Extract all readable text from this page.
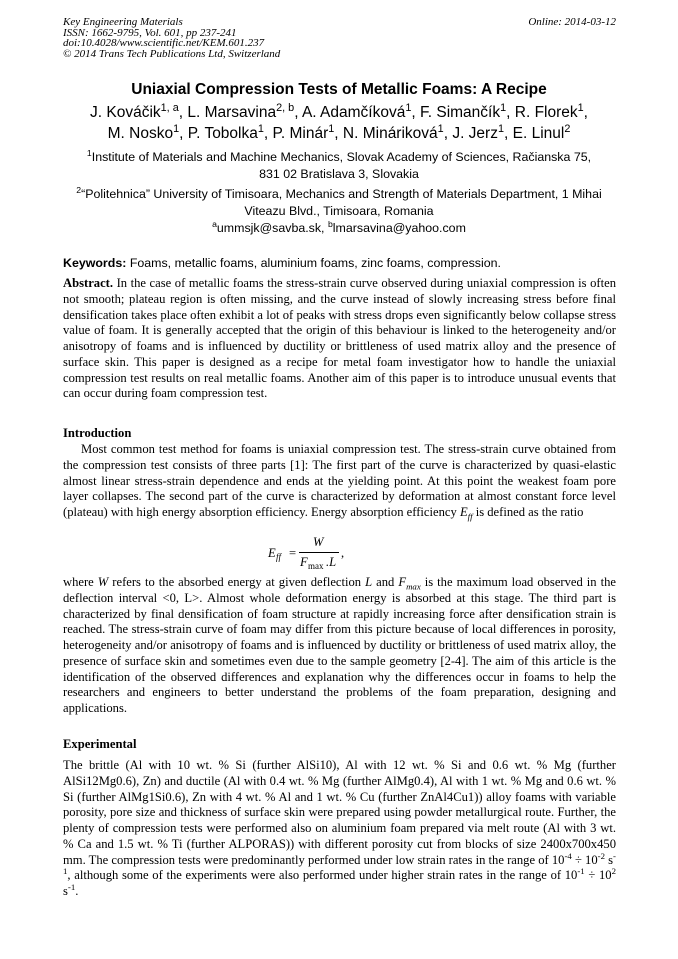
Key Engineering Materials
ISSN: 1662-9795, Vol. 601, pp 237-241
doi:10.4028/www.scientific.net/KEM.601.237
© 2014 Trans Tech Publications Ltd, Switzerland
Online: 2014-03-12
Uniaxial Compression Tests of Metallic Foams: A Recipe
J. Kováčik$^{1, a}$, L. Marsavina$^{2, b}$, A. Adamčíková$^1$, F. Simančík$^1$, R. Florek$^1$,
M. Nosko$^1$, P. Tobolka$^1$, P. Minár$^1$, N. Mináriková$^1$, J. Jerz$^1$, E. Linul$^2$
$^1$Institute of Materials and Machine Mechanics, Slovak Academy of Sciences, Račianska 75,
831 02 Bratislava 3, Slovakia
$^2$“Politehnica” University of Timisoara, Mechanics and Strength of Materials Department, 1 Mihai
Viteazu Blvd., Timisoara, Romania
$^a$ummsjk@savba.sk, $^b$lmarsavina@yahoo.com
Keywords: Foams, metallic foams, aluminium foams, zinc foams, compression.
Abstract. In the case of metallic foams the stress-strain curve observed during uniaxial compression is often not smooth; plateau region is often missing, and the curve instead of slowly increasing stress before final densification takes place often exhibit a lot of peaks with stress drops even significantly below collapse stress value of foam. It is generally accepted that the origin of this behaviour is linked to the heterogeneity and/or anisotropy of foams and is influenced by ductility or brittleness of used matrix alloy and the presence of surface skin. This paper is designed as a recipe for metal foam investigator how to handle the uniaxial compression test results on real metallic foams. Another aim of this paper is to introduce unusual events that can occur during foam compression test.
Introduction
Most common test method for foams is uniaxial compression test. The stress-strain curve obtained from the compression test consists of three parts [1]: The first part of the curve is characterized by quasi-elastic almost linear stress-strain dependence and ends at the yielding point. At this point the weakest foam pore layer collapses. The second part of the curve is characterized by deformation at almost constant force level (plateau) with high energy absorption efficiency. Energy absorption efficiency $E_{ff}$ is defined as the ratio
E ff =
W
F max .L
,
where W refers to the absorbed energy at given deflection L and $F_{max}$ is the maximum load observed in the deflection interval <0, L>. Almost whole deformation energy is absorbed at this stage. The third part is characterized by final densification of foam structure at rapidly increasing force after densification strain is reached. The stress-strain curve of foam may differ from this picture because of local differences in porosity, heterogeneity and/or anisotropy of foams and is influenced by ductility or brittleness of used matrix alloy, the presence of surface skin and sometimes even due to the sample geometry [2-4]. The aim of this article is the identification of the observed differences and explanation why the differences occur in foams to help the researchers and engineers to better understand the problems of the foam preparation, designing and applications.
Experimental
The brittle (Al with 10 wt. % Si (further AlSi10), Al with 12 wt. % Si and 0.6 wt. % Mg (further AlSi12Mg0.6), Zn) and ductile (Al with 0.4 wt. % Mg (further AlMg0.4), Al with 1 wt. % Mg and 0.6 wt. % Si (further AlMg1Si0.6), Zn with 4 wt. % Al and 1 wt. % Cu (further ZnAl4Cu1)) alloy foams with variable porosity, pore size and thickness of surface skin were prepared using powder metallurgical route. Further, the plenty of compression tests were performed also on aluminium foam prepared via melt route (Al with 3 wt. % Ca and 1.5 wt. % Ti (further ALPORAS)) with different porosity cut from blocks of size 2400x700x450 mm. The compression tests were predominantly performed under low strain rates in the range of $10^{-4} \div 10^{-2}$ $s^{-1}$, although some of the experiments were also performed under higher strain rates in the range of $10^{-1} \div 10^2$ $s^{-1}$.
